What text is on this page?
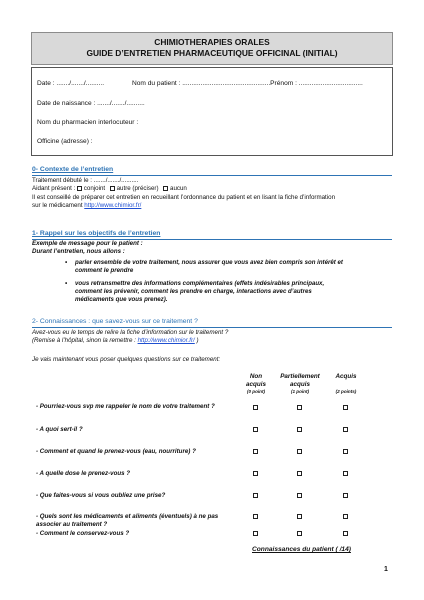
CHIMIOTHERAPIES ORALES
GUIDE D’ENTRETIEN PHARMACEUTIQUE OFFICINAL (INITIAL)
Date : ......./......./..........	Nom du patient : ................................................Prénom : ...................................
Date de naissance : ......./......./..........
Nom du pharmacien interlocuteur :
Officine (adresse) :
0- Contexte de l’entretien
Traitement débuté le : ......./......./..........
Aidant présent :  conjoint autre (préciser) aucun
Il est conseillé de préparer cet entretien en recueillant l’ordonnance du patient et en lisant la fiche d’information
sur le médicament http://www.chimior.fr/
1- Rappel sur les objectifs de l’entretien
Exemple de message pour le patient :
Durant l’entretien, nous allons :
• parler ensemble de votre traitement, nous assurer que vous avez bien compris son intérêt et
comment le prendre
• vous retransmettre des informations complémentaires (effets indésirables principaux,
comment les prévenir, comment les prendre en charge, interactions avec d’autres
médicaments que vous prenez).
2- Connaissances : que savez-vous sur ce traitement ?
Avez-vous eu le temps de relire la fiche d’information sur le traitement ?
(Remise à l’hôpital, sinon la remettre : http://www.chimior.fr/ )
Je vais maintenant vous poser quelques questions sur ce traitement:
Non
acquis
(0 point)
Partiellement
acquis
(1 point)
Acquis
(2 points)
- Pourriez-vous svp me rappeler le nom de votre traitement ?
- A quoi sert-il ?
- Comment et quand le prenez-vous (eau, nourriture) ?
- A quelle dose le prenez-vous ?
- Que faites-vous si vous oubliez une prise?
- Quels sont les médicaments et aliments (éventuels) à ne pas
associer au traitement ?
- Comment le conservez-vous ?
Connaissances du patient ( /14)
1
